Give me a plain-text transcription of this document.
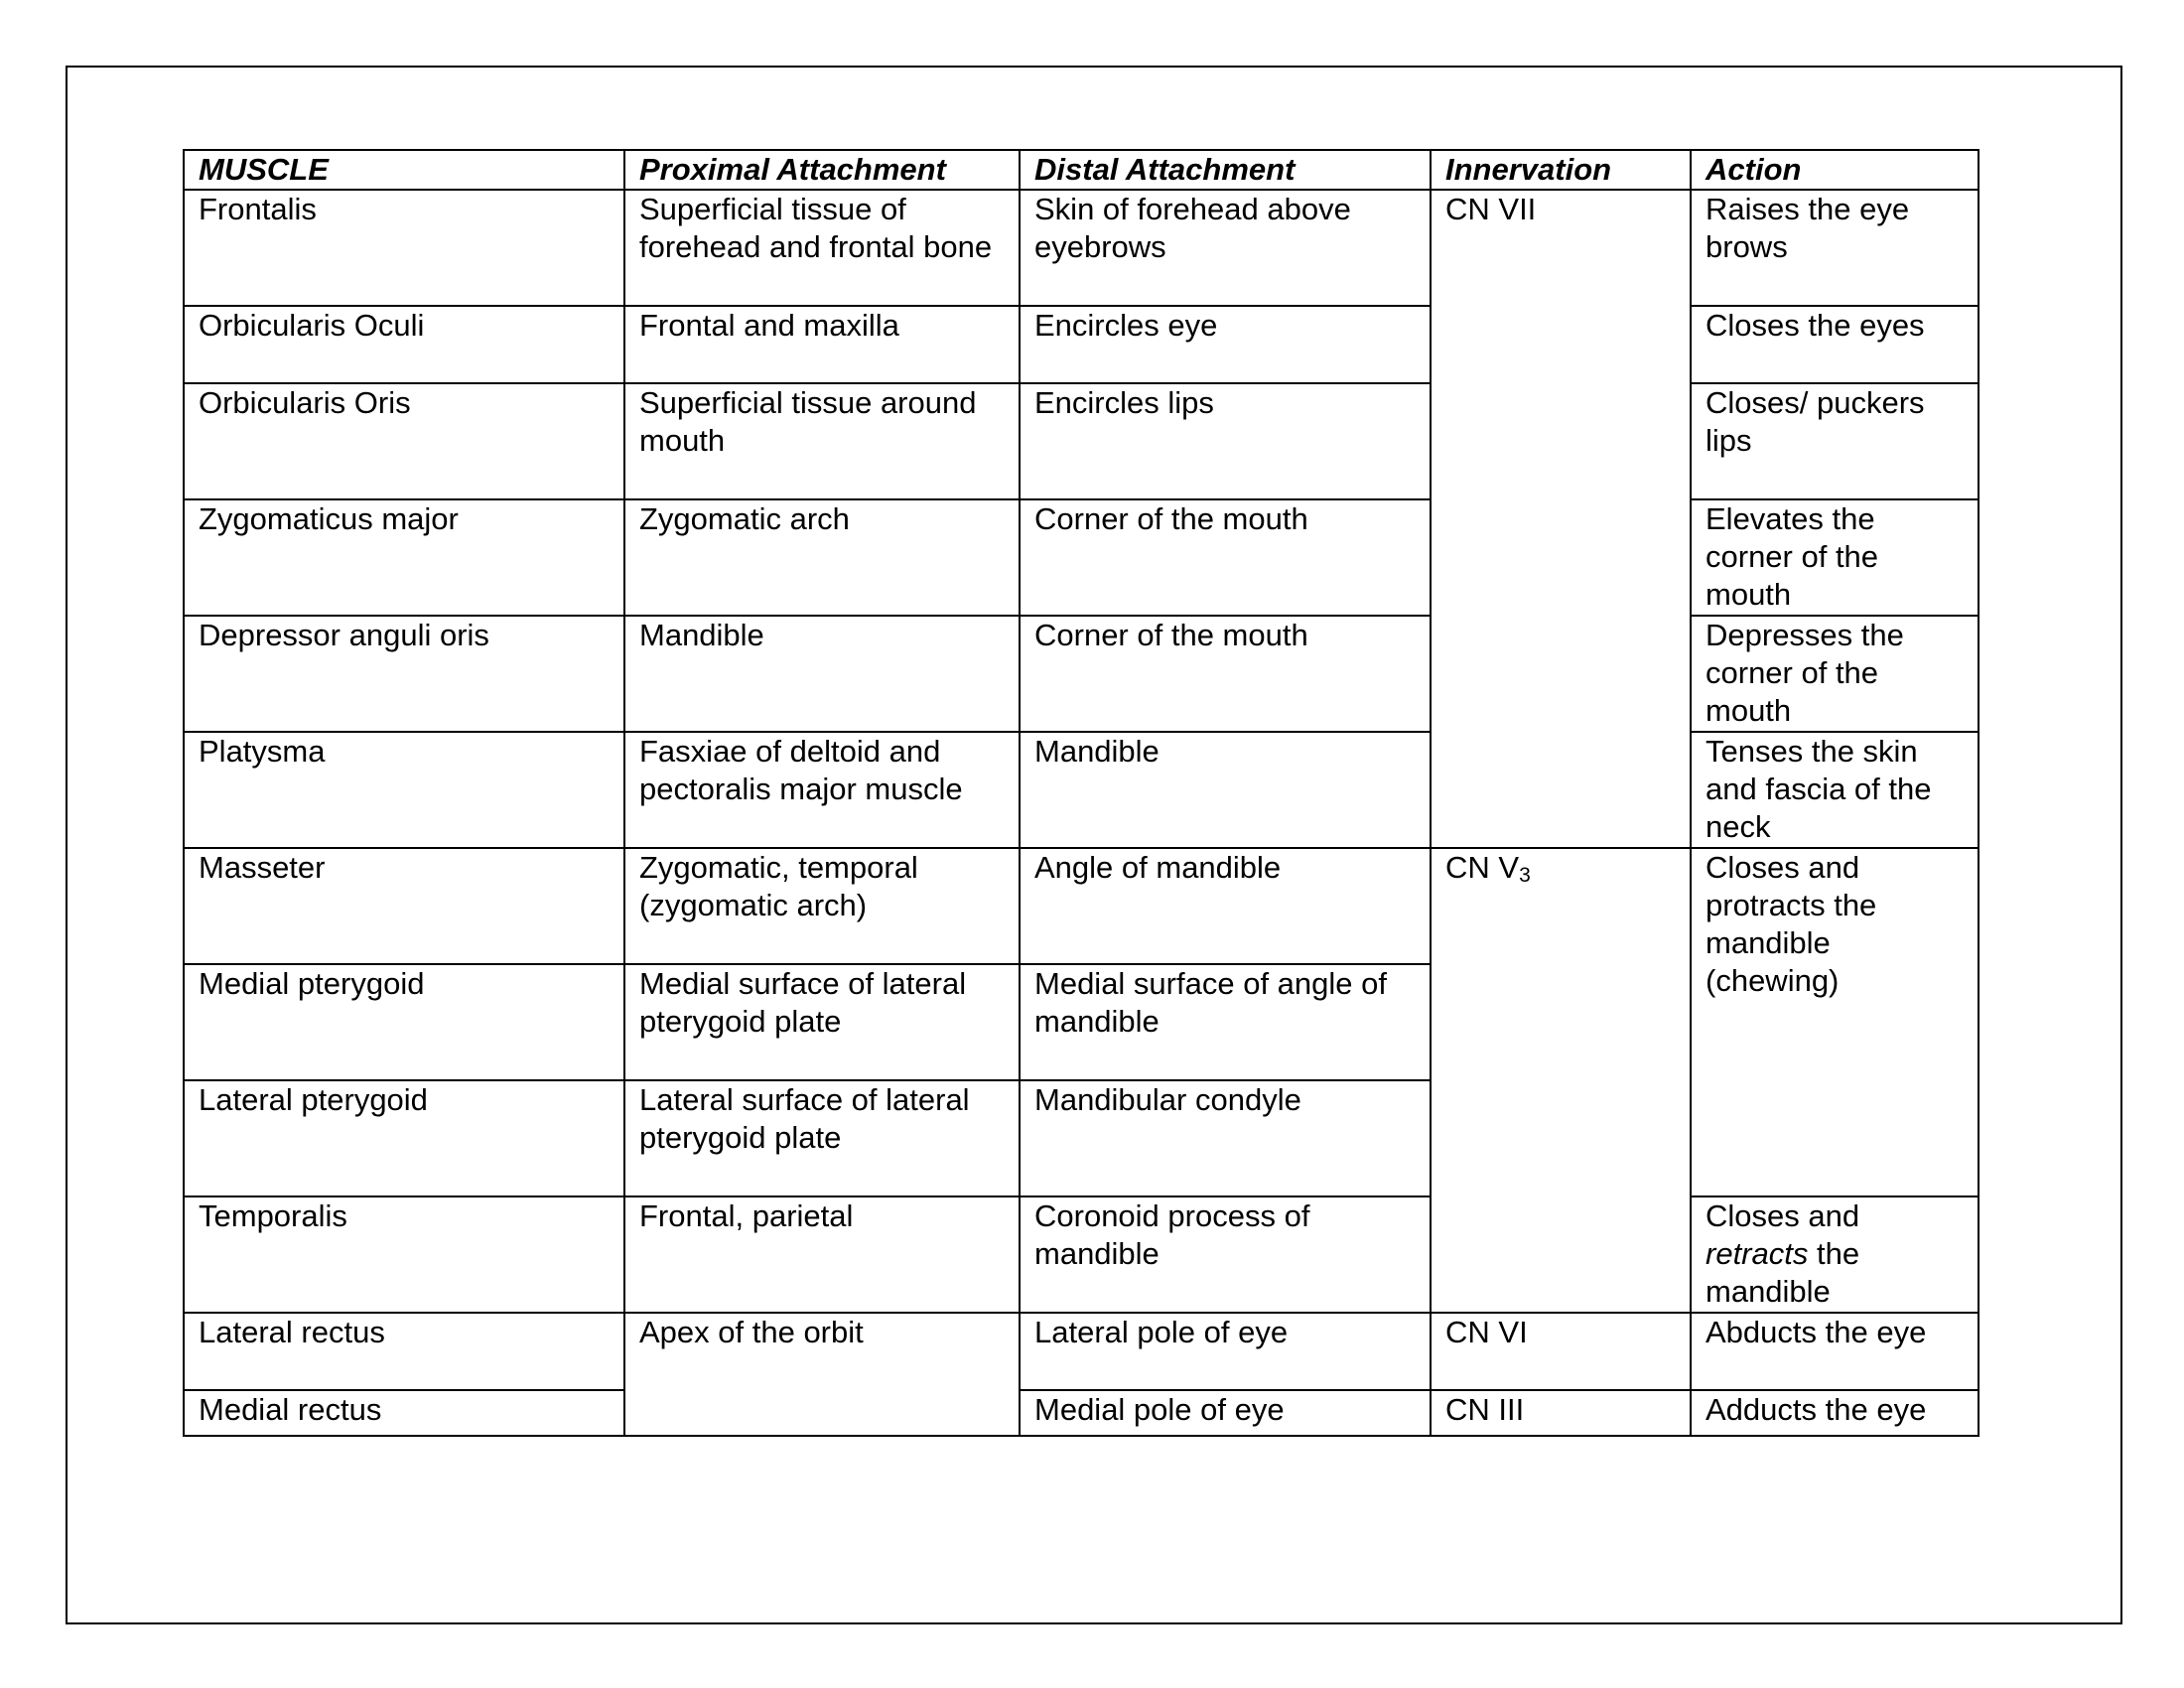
MUSCLE	Proximal Attachment	Distal Attachment	Innervation	Action
Frontalis	Superficial tissue of forehead and frontal bone	Skin of forehead above eyebrows	CN VII	Raises the eye brows
Orbicularis Oculi	Frontal and maxilla	Encircles eye		Closes the eyes
Orbicularis Oris	Superficial tissue around mouth	Encircles lips		Closes/ puckers lips
Zygomaticus major	Zygomatic arch	Corner of the mouth		Elevates the corner of the mouth
Depressor anguli oris	Mandible	Corner of the mouth		Depresses the corner of the mouth
Platysma	Fasxiae of deltoid and pectoralis major muscle	Mandible		Tenses the skin and fascia of the neck
Masseter	Zygomatic, temporal (zygomatic arch)	Angle of mandible	CN $V_3$	Closes and protracts the mandible (chewing)
Medial pterygoid	Medial surface of lateral pterygoid plate	Medial surface of angle of mandible		
Lateral pterygoid	Lateral surface of lateral pterygoid plate	Mandibular condyle		
Temporalis	Frontal, parietal	Coronoid process of mandible		Closes and retracts the mandible
Lateral rectus	Apex of the orbit	Lateral pole of eye	CN VI	Abducts the eye
Medial rectus		Medial pole of eye	CN III	Adducts the eye
